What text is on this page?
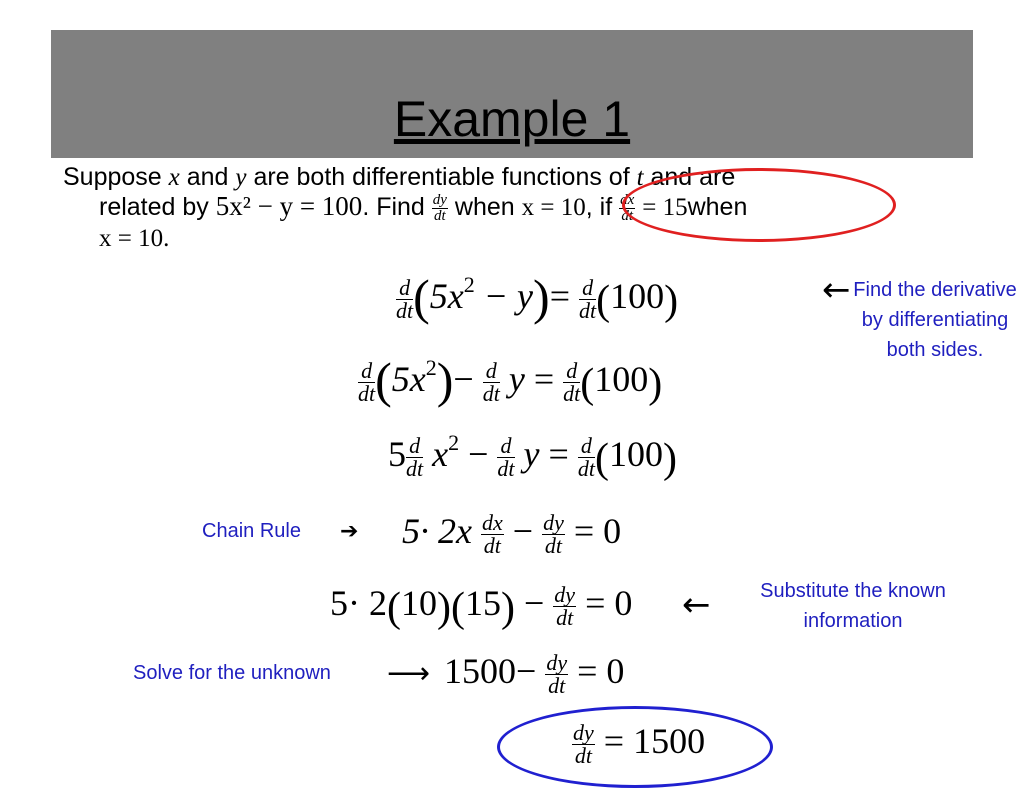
Example 1
Suppose x and y are both differentiable functions of t and are
related by 5x² − y = 100. Find $\frac{dy}{dt}$ when x = 10, if $\frac{dx}{dt}$ = 15when
x = 10.
$\frac{d}{dt} (5x^2 - y)= \frac{d}{dt} (100)$	← Find the derivative by differentiating both sides.
$\frac{d}{dt} (5x^2)- \frac{d}{dt}$ $y = \frac{d}{dt} (100)$
$5 \frac{d}{dt} x^2 - \frac{d}{dt}$ $y = \frac{d}{dt} (100)$
Chain Rule ➔ $5\cdot 2x \frac{dx}{dt} - \frac{dy}{dt} = 0$
$5\cdot 2(10)(15) - \frac{dy}{dt} = 0$ ←	Substitute the known information
Solve for the unknown ⟶ $1500- \frac{dy}{dt} = 0$
$\frac{dy}{dt} = 1500$
